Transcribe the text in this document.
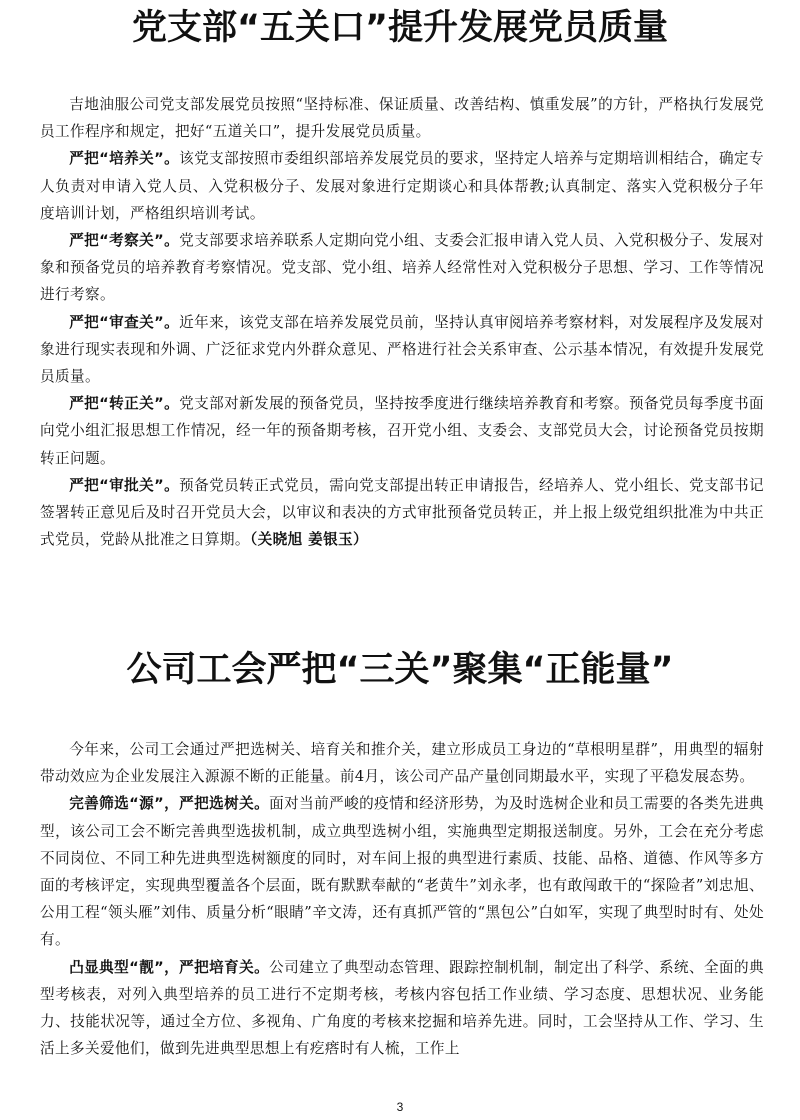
党支部“五关口”提升发展党员质量

吉地油服公司党支部发展党员按照“坚持标准、保证质量、改善结构、慎重发展”的方针，严格执行发展党员工作程序和规定，把好“五道关口”，提升发展党员质量。

严把“培养关”。该党支部按照市委组织部培养发展党员的要求，坚持定人培养与定期培训相结合，确定专人负责对申请入党人员、入党积极分子、发展对象进行定期谈心和具体帮教;认真制定、落实入党积极分子年度培训计划，严格组织培训考试。

严把“考察关”。党支部要求培养联系人定期向党小组、支委会汇报申请入党人员、入党积极分子、发展对象和预备党员的培养教育考察情况。党支部、党小组、培养人经常性对入党积极分子思想、学习、工作等情况进行考察。

严把“审查关”。近年来，该党支部在培养发展党员前，坚持认真审阅培养考察材料，对发展程序及发展对象进行现实表现和外调、广泛征求党内外群众意见、严格进行社会关系审查、公示基本情况，有效提升发展党员质量。

严把“转正关”。党支部对新发展的预备党员，坚持按季度进行继续培养教育和考察。预备党员每季度书面向党小组汇报思想工作情况，经一年的预备期考核，召开党小组、支委会、支部党员大会，讨论预备党员按期转正问题。

严把“审批关”。预备党员转正式党员，需向党支部提出转正申请报告，经培养人、党小组长、党支部书记签署转正意见后及时召开党员大会，以审议和表决的方式审批预备党员转正，并上报上级党组织批准为中共正式党员，党龄从批准之日算期。（关晓旭 姜银玉）

公司工会严把“三关”聚集“正能量”

今年来，公司工会通过严把选树关、培育关和推介关，建立形成员工身边的“草根明星群”，用典型的辐射带动效应为企业发展注入源源不断的正能量。前4月，该公司产品产量创同期最水平，实现了平稳发展态势。

完善筛选“源”，严把选树关。面对当前严峻的疫情和经济形势，为及时选树企业和员工需要的各类先进典型，该公司工会不断完善典型选拔机制，成立典型选树小组，实施典型定期报送制度。另外，工会在充分考虑不同岗位、不同工种先进典型选树额度的同时，对车间上报的典型进行素质、技能、品格、道德、作风等多方面的考核评定，实现典型覆盖各个层面，既有默默奉献的“老黄牛”刘永孝，也有敢闯敢干的“探险者”刘忠旭、公用工程“领头雁”刘伟、质量分析“眼睛”辛文涛，还有真抓严管的“黑包公”白如军，实现了典型时时有、处处有。

凸显典型“靓”，严把培育关。公司建立了典型动态管理、跟踪控制机制，制定出了科学、系统、全面的典型考核表，对列入典型培养的员工进行不定期考核，考核内容包括工作业绩、学习态度、思想状况、业务能力、技能状况等，通过全方位、多视角、广角度的考核来挖掘和培养先进。同时，工会坚持从工作、学习、生活上多关爱他们，做到先进典型思想上有疙瘩时有人梳，工作上

3
